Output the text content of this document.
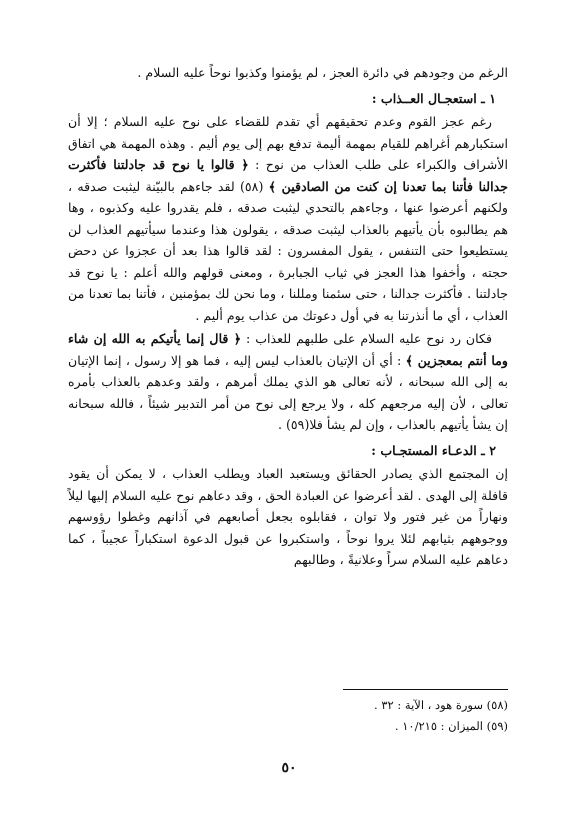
الرغم من وجودهم في دائرة العجز ، لم يؤمنوا وكذبوا نوحاً عليه السلام .

١ ـ استعجـال العــذاب :

رغم عجز القوم وعدم تحقيقهم أي تقدم للقضاء على نوح عليه السلام ؛ إلا أن استكبارهم أغراهم للقيام بمهمة أليمة تدفع بهم إلى يوم أليم . وهذه المهمة هي اتفاق الأشراف والكبراء على طلب العذاب من نوح : ﴿ قالوا يا نوح قد جادلتنا فأكثرت جدالنا فأتنا بما تعدنا إن كنت من الصادقين ﴾ (٥٨) لقد جاءهم بالبيّنة ليثبت صدقه ، ولكنهم أعرضوا عنها ، وجاءهم بالتحدي ليثبت صدقه ، فلم يقدروا عليه وكذبوه ، وها هم يطالبوه بأن يأتيهم بالعذاب ليثبت صدقه ، يقولون هذا وعندما سيأتيهم العذاب لن يستطيعوا حتى التنفس ، يقول المفسرون : لقد قالوا هذا بعد أن عجزوا عن دحض حجته ، وأخفوا هذا العجز في ثياب الجبابرة ، ومعنى قولهم والله أعلم : يا نوح قد جادلتنا . فأكثرت جدالنا ، حتى سئمنا ومللنا ، وما نحن لك بمؤمنين ، فأتنا بما تعدنا من العذاب ، أي ما أنذرتنا به في أول دعوتك من عذاب يوم أليم .

فكان رد نوح عليه السلام على طلبهم للعذاب : ﴿ قال إنما يأتيكم به الله إن شاء وما أنتم بمعجزين ﴾ : أي أن الإتيان بالعذاب ليس إليه ، فما هو إلا رسول ، إنما الإتيان به إلى الله سبحانه ، لأنه تعالى هو الذي يملك أمرهم ، ولقد وعدهم بالعذاب بأمره تعالى ، لأن إليه مرجعهم كله ، ولا يرجع إلى نوح من أمر التدبير شيئاً ، فالله سبحانه إن يشأ يأتيهم بالعذاب ، وإن لم يشأ فلا(٥٩) .

٢ ـ الدعـاء المستجـاب :

إن المجتمع الذي يصادر الحقائق ويستعبد العباد ويطلب العذاب ، لا يمكن أن يقود قافلة إلى الهدى . لقد أعرضوا عن العبادة الحق ، وقد دعاهم نوح عليه السلام إليها ليلاً ونهاراً من غير فتور ولا توان ، فقابلوه بجعل أصابعهم في آذانهم وغطوا رؤوسهم ووجوههم بثيابهم لئلا يروا نوحاً ، واستكبروا عن قبول الدعوة استكباراً عجيباً ، كما دعاهم عليه السلام سراً وعلانيةً ، وطالبهم

(٥٨) سورة هود ، الآية : ٣٢ .
(٥٩) الميزان : ١٠/٢١٥ .
٥٠
